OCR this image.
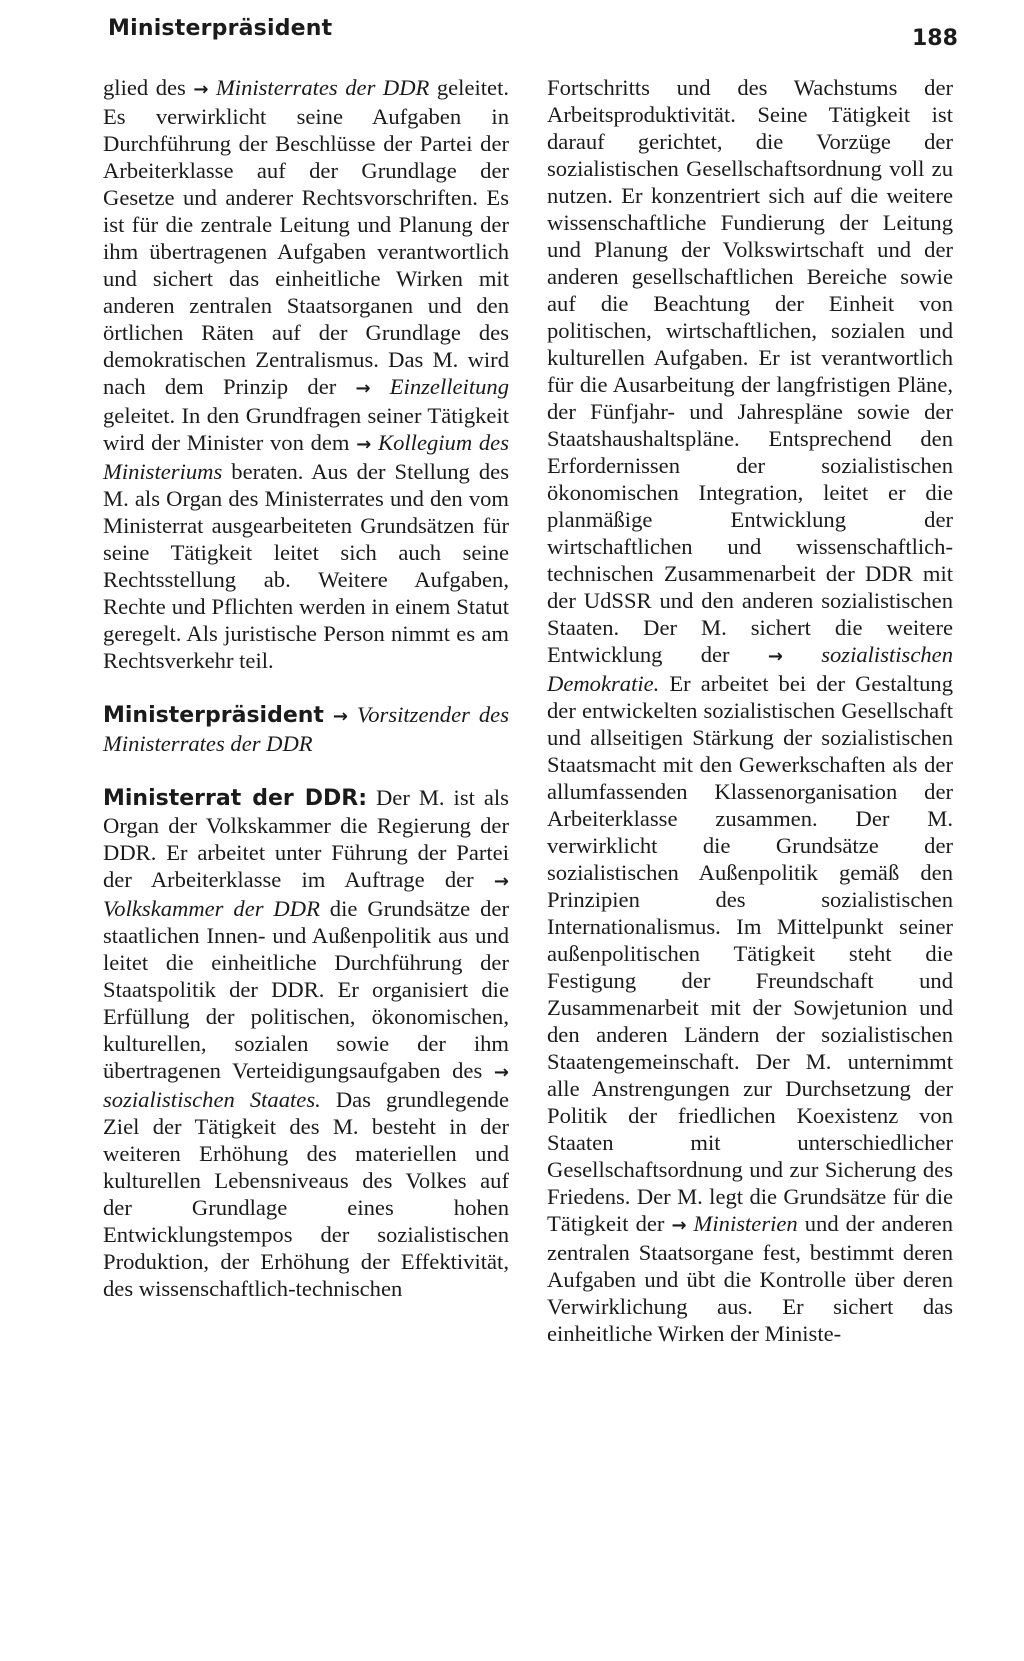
Ministerpräsident	188

glied des → Ministerrates der DDR geleitet. Es verwirklicht seine Aufgaben in Durchführung der Beschlüsse der Partei der Arbeiterklasse auf der Grundlage der Gesetze und anderer Rechtsvorschriften. Es ist für die zentrale Leitung und Planung der ihm übertragenen Aufgaben verantwortlich und sichert das einheitliche Wirken mit anderen zentralen Staatsorganen und den örtlichen Räten auf der Grundlage des demokratischen Zentralismus. Das M. wird nach dem Prinzip der → Einzelleitung geleitet. In den Grundfragen seiner Tätigkeit wird der Minister von dem → Kollegium des Ministeriums beraten. Aus der Stellung des M. als Organ des Ministerrates und den vom Ministerrat ausgearbeiteten Grundsätzen für seine Tätigkeit leitet sich auch seine Rechtsstellung ab. Weitere Aufgaben, Rechte und Pflichten werden in einem Statut geregelt. Als juristische Person nimmt es am Rechtsverkehr teil.

Ministerpräsident → Vorsitzender des Ministerrates der DDR

Ministerrat der DDR: Der M. ist als Organ der Volkskammer die Regierung der DDR. Er arbeitet unter Führung der Partei der Arbeiterklasse im Auftrage der → Volkskammer der DDR die Grundsätze der staatlichen Innen- und Außenpolitik aus und leitet die einheitliche Durchführung der Staatspolitik der DDR. Er organisiert die Erfüllung der politischen, ökonomischen, kulturellen, sozialen sowie der ihm übertragenen Verteidigungsaufgaben des → sozialistischen Staates. Das grundlegende Ziel der Tätigkeit des M. besteht in der weiteren Erhöhung des materiellen und kulturellen Lebensniveaus des Volkes auf der Grundlage eines hohen Entwicklungstempos der sozialistischen Produktion, der Erhöhung der Effektivität, des wissenschaftlich-technischen

Fortschritts und des Wachstums der Arbeitsproduktivität. Seine Tätigkeit ist darauf gerichtet, die Vorzüge der sozialistischen Gesellschaftsordnung voll zu nutzen. Er konzentriert sich auf die weitere wissenschaftliche Fundierung der Leitung und Planung der Volkswirtschaft und der anderen gesellschaftlichen Bereiche sowie auf die Beachtung der Einheit von politischen, wirtschaftlichen, sozialen und kulturellen Aufgaben. Er ist verantwortlich für die Ausarbeitung der langfristigen Pläne, der Fünfjahr- und Jahrespläne sowie der Staatshaushaltspläne. Entsprechend den Erfordernissen der sozialistischen ökonomischen Integration, leitet er die planmäßige Entwicklung der wirtschaftlichen und wissenschaftlich-technischen Zusammenarbeit der DDR mit der UdSSR und den anderen sozialistischen Staaten. Der M. sichert die weitere Entwicklung der → sozialistischen Demokratie. Er arbeitet bei der Gestaltung der entwickelten sozialistischen Gesellschaft und allseitigen Stärkung der sozialistischen Staatsmacht mit den Gewerkschaften als der allumfassenden Klassenorganisation der Arbeiterklasse zusammen. Der M. verwirklicht die Grundsätze der sozialistischen Außenpolitik gemäß den Prinzipien des sozialistischen Internationalismus. Im Mittelpunkt seiner außenpolitischen Tätigkeit steht die Festigung der Freundschaft und Zusammenarbeit mit der Sowjetunion und den anderen Ländern der sozialistischen Staatengemeinschaft. Der M. unternimmt alle Anstrengungen zur Durchsetzung der Politik der friedlichen Koexistenz von Staaten mit unterschiedlicher Gesellschaftsordnung und zur Sicherung des Friedens. Der M. legt die Grundsätze für die Tätigkeit der → Ministerien und der anderen zentralen Staatsorgane fest, bestimmt deren Aufgaben und übt die Kontrolle über deren Verwirklichung aus. Er sichert das einheitliche Wirken der Ministe-
